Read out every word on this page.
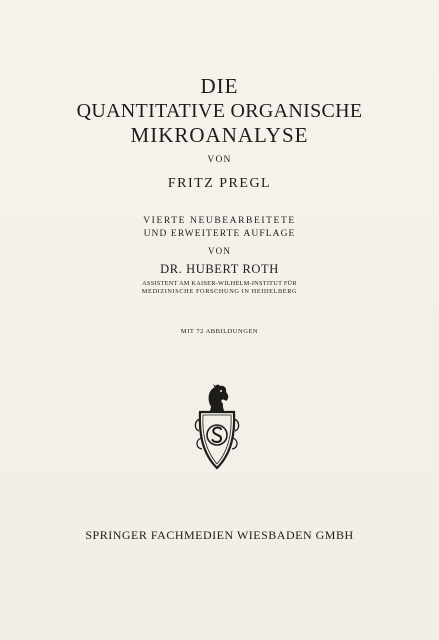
DIE
QUANTITATIVE ORGANISCHE
MIKROANALYSE
VON
FRITZ PREGL
VIERTE NEUBEARBEITETE
UND ERWEITERTE AUFLAGE
VON
DR. HUBERT ROTH
ASSISTENT AM KAISER-WILHELM-INSTITUT FÜR
MEDIZINISCHE FORSCHUNG IN HEIDELBERG
MIT 72 ABBILDUNGEN
SPRINGER FACHMEDIEN WIESBADEN GMBH
